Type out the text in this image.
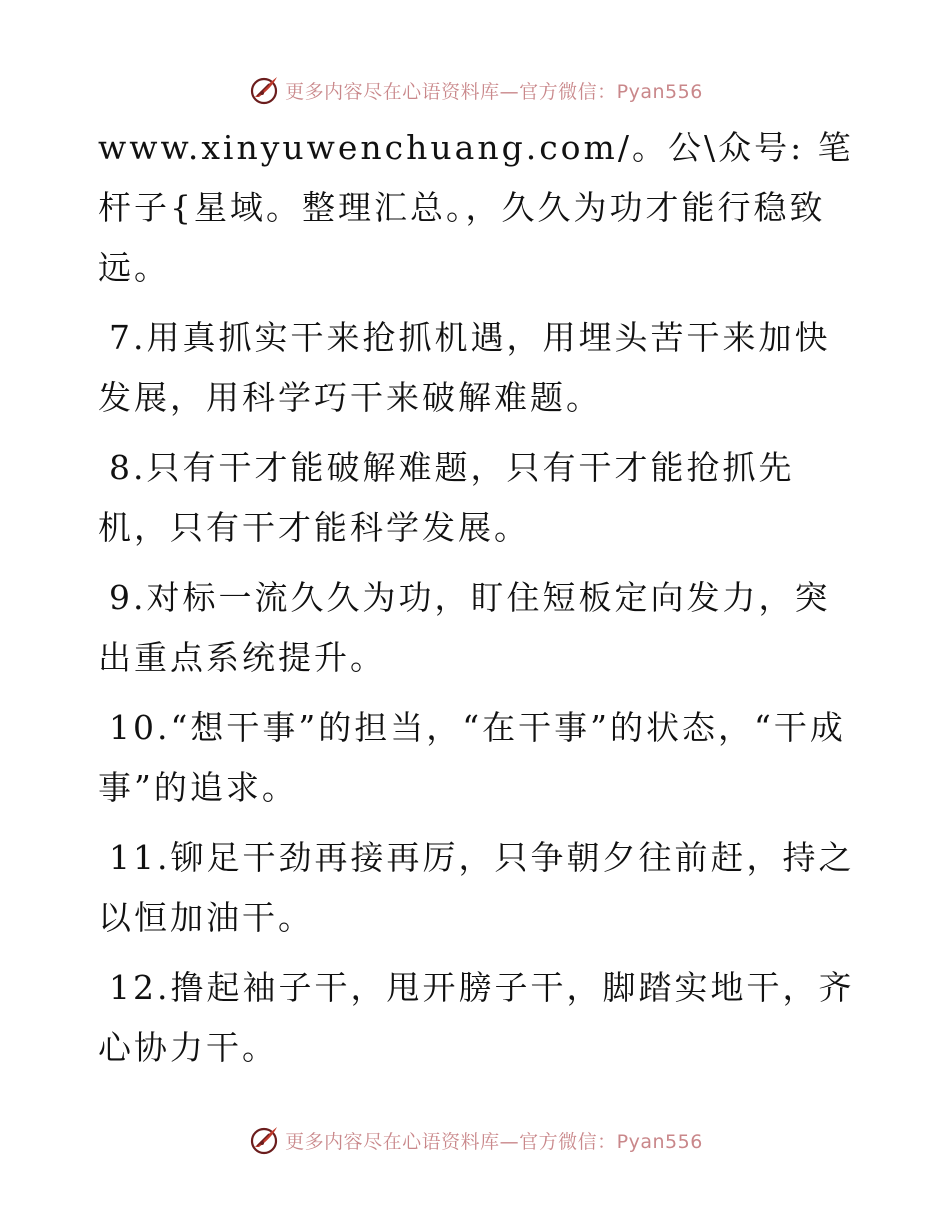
更多内容尽在心语资料库—官方微信：Pyan556

www.xinyuwenchuang.com/。公\众号: 笔杆子{星域。整理汇总。，久久为功才能行稳致远。

7.用真抓实干来抢抓机遇，用埋头苦干来加快发展，用科学巧干来破解难题。

8.只有干才能破解难题，只有干才能抢抓先机，只有干才能科学发展。

9.对标一流久久为功，盯住短板定向发力，突出重点系统提升。

10.“想干事”的担当，“在干事”的状态，“干成事”的追求。

11.铆足干劲再接再厉，只争朝夕往前赶，持之以恒加油干。

12.撸起袖子干，甩开膀子干，脚踏实地干，齐心协力干。

更多内容尽在心语资料库—官方微信：Pyan556
